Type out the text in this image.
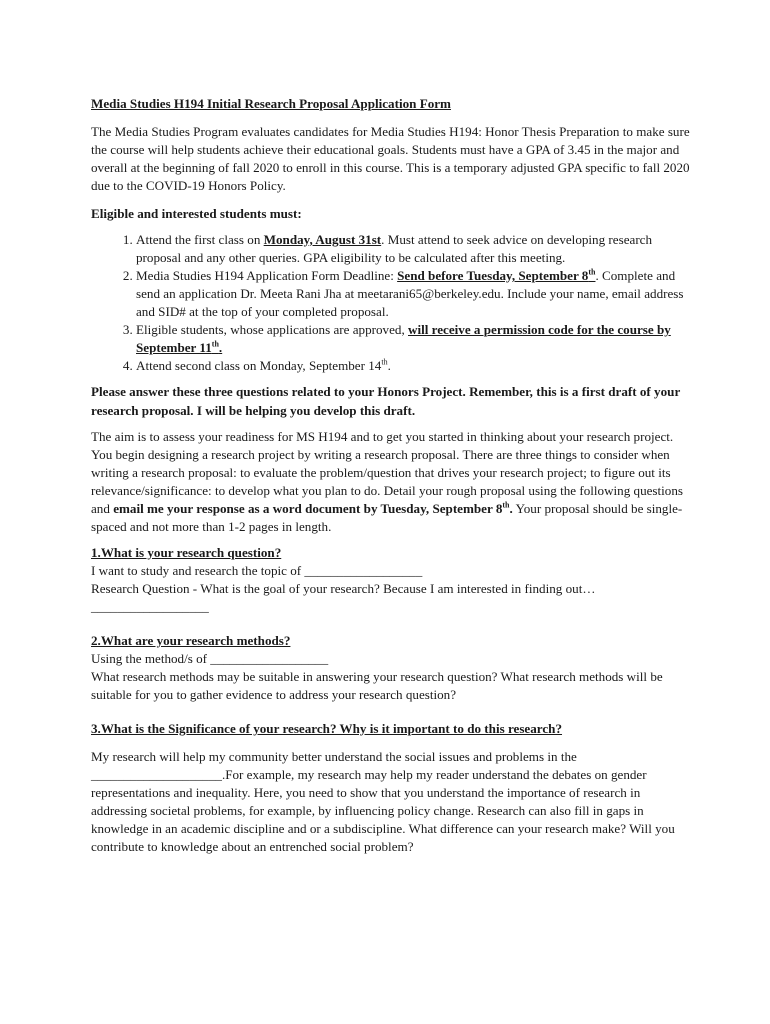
Media Studies H194 Initial Research Proposal Application Form

The Media Studies Program evaluates candidates for Media Studies H194: Honor Thesis Preparation to make sure the course will help students achieve their educational goals. Students must have a GPA of 3.45 in the major and overall at the beginning of fall 2020 to enroll in this course. This is a temporary adjusted GPA specific to fall 2020 due to the COVID-19 Honors Policy.

Eligible and interested students must:

1. Attend the first class on Monday, August 31st. Must attend to seek advice on developing research proposal and any other queries. GPA eligibility to be calculated after this meeting.
2. Media Studies H194 Application Form Deadline: Send before Tuesday, September 8th. Complete and send an application Dr. Meeta Rani Jha at meetarani65@berkeley.edu. Include your name, email address and SID# at the top of your completed proposal.
3. Eligible students, whose applications are approved, will receive a permission code for the course by September 11th.
4. Attend second class on Monday, September 14th.

Please answer these three questions related to your Honors Project. Remember, this is a first draft of your research proposal. I will be helping you develop this draft.

The aim is to assess your readiness for MS H194 and to get you started in thinking about your research project. You begin designing a research project by writing a research proposal. There are three things to consider when writing a research proposal: to evaluate the problem/question that drives your research project; to figure out its relevance/significance: to develop what you plan to do. Detail your rough proposal using the following questions and email me your response as a word document by Tuesday, September 8th. Your proposal should be single-spaced and not more than 1-2 pages in length.

1.What is your research question?

I want to study and research the topic of __________________

Research Question - What is the goal of your research? Because I am interested in finding out…__________________

2.What are your research methods?

Using the method/s of __________________

What research methods may be suitable in answering your research question? What research methods will be suitable for you to gather evidence to address your research question?

3.What is the Significance of your research? Why is it important to do this research?

My research will help my community better understand the social issues and problems in the ____________________.For example, my research may help my reader understand the debates on gender representations and inequality. Here, you need to show that you understand the importance of research in addressing societal problems, for example, by influencing policy change. Research can also fill in gaps in knowledge in an academic discipline and or a subdiscipline. What difference can your research make? Will you contribute to knowledge about an entrenched social problem?
